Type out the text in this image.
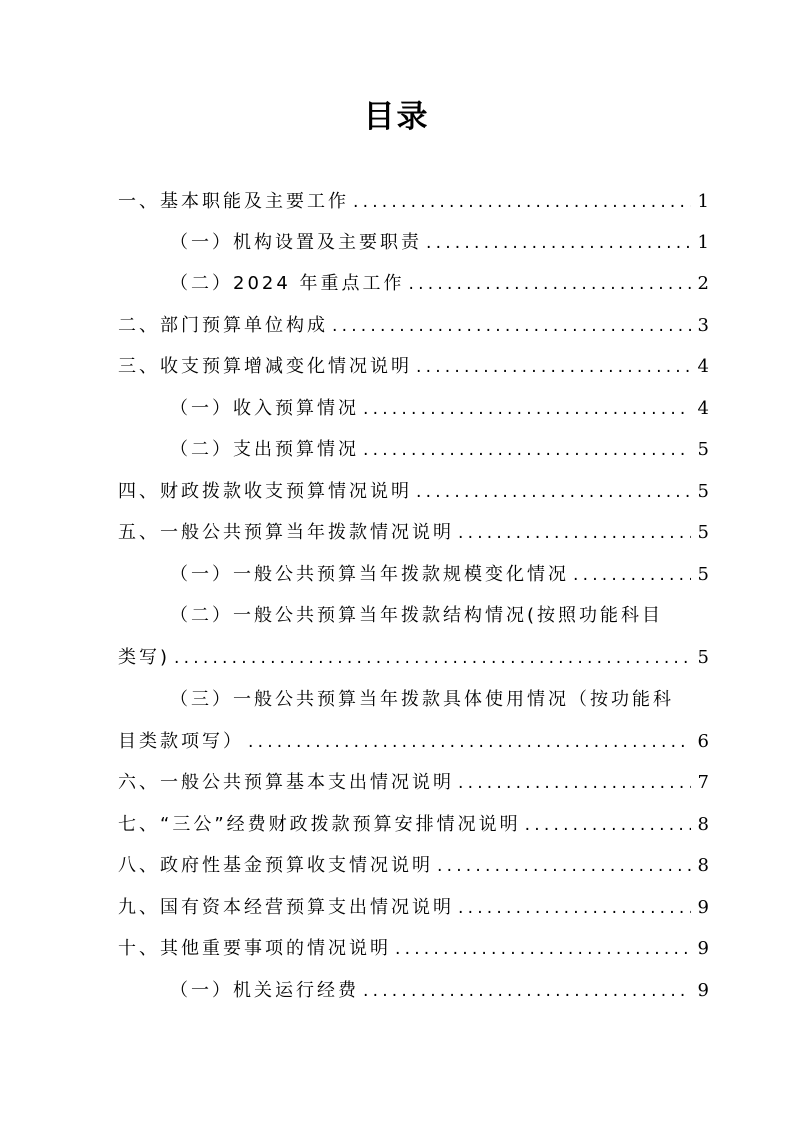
目录
一、基本职能及主要工作 .....	1
（一）机构设置及主要职责 .....	1
（二）2024 年重点工作 .....	2
二、部门预算单位构成 .....	3
三、收支预算增减变化情况说明 .....	4
（一）收入预算情况 .....	4
（二）支出预算情况 .....	5
四、财政拨款收支预算情况说明 .....	5
五、一般公共预算当年拨款情况说明 .....	5
（一）一般公共预算当年拨款规模变化情况 .....	5
（二）一般公共预算当年拨款结构情况(按照功能科目
类写) .....	5
（三）一般公共预算当年拨款具体使用情况（按功能科
目类款项写） .....	6
六、一般公共预算基本支出情况说明 .....	7
七、“三公”经费财政拨款预算安排情况说明 .....	8
八、政府性基金预算收支情况说明 .....	8
九、国有资本经营预算支出情况说明 .....	9
十、其他重要事项的情况说明 .....	9
（一）机关运行经费 .....	9
